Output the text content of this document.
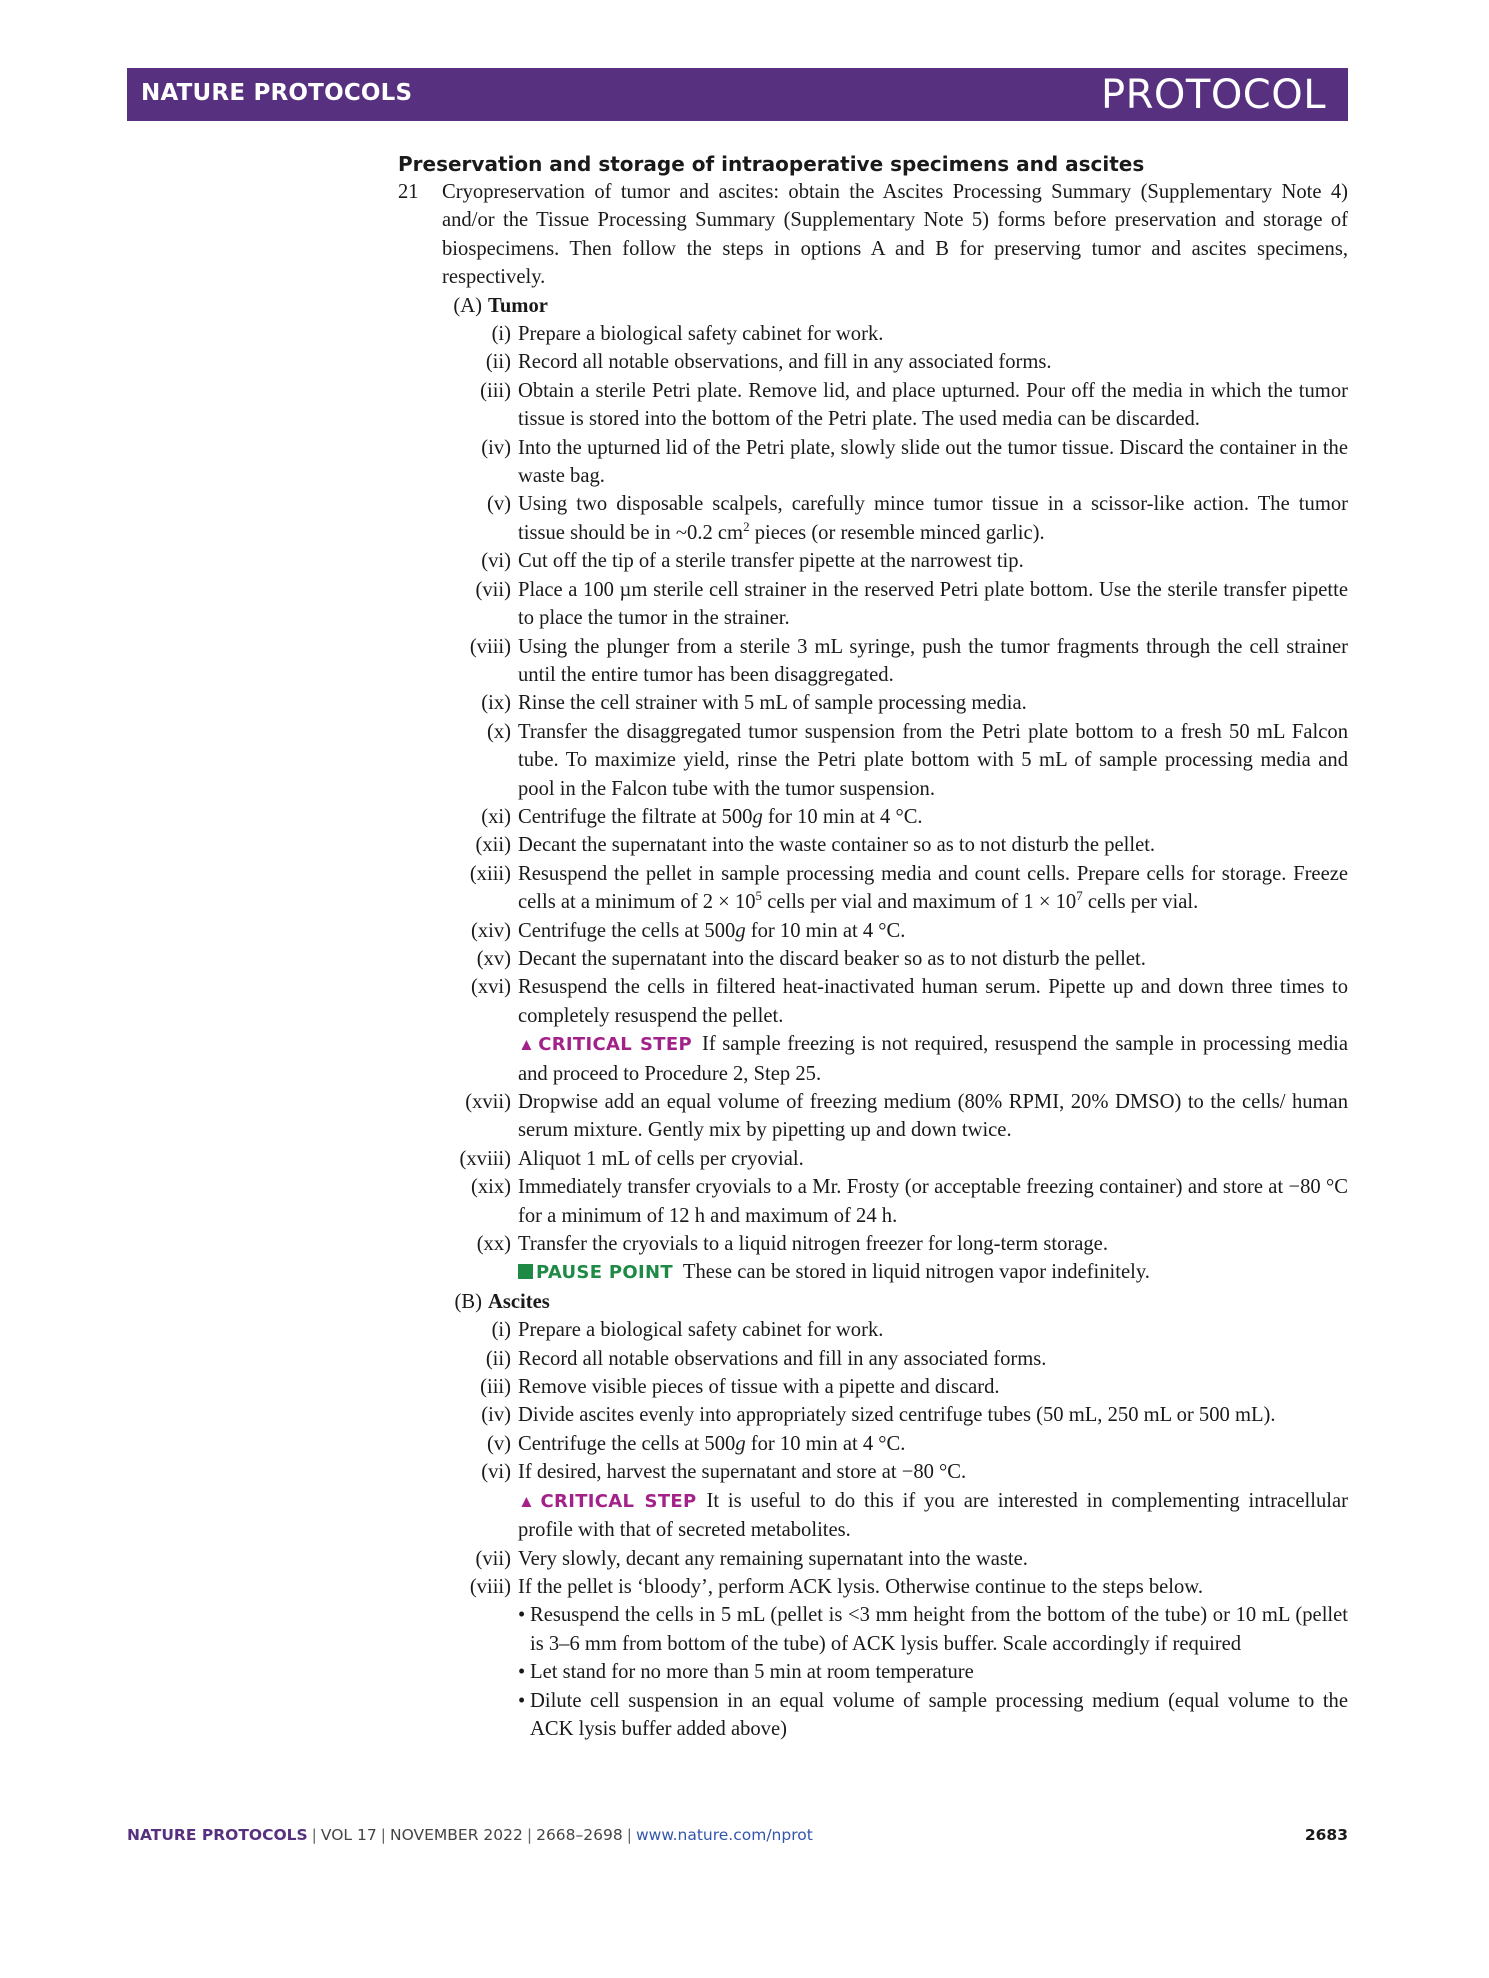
NATURE PROTOCOLS	PROTOCOL
Preservation and storage of intraoperative specimens and ascites
21	Cryopreservation of tumor and ascites: obtain the Ascites Processing Summary (Supplementary Note 4) and/or the Tissue Processing Summary (Supplementary Note 5) forms before preservation and storage of biospecimens. Then follow the steps in options A and B for preserving tumor and ascites specimens, respectively.
(A) Tumor
(i) Prepare a biological safety cabinet for work.
(ii) Record all notable observations, and fill in any associated forms.
(iii) Obtain a sterile Petri plate. Remove lid, and place upturned. Pour off the media in which the tumor tissue is stored into the bottom of the Petri plate. The used media can be discarded.
(iv) Into the upturned lid of the Petri plate, slowly slide out the tumor tissue. Discard the container in the waste bag.
(v) Using two disposable scalpels, carefully mince tumor tissue in a scissor-like action. The tumor tissue should be in ~0.2 $cm^2$ pieces (or resemble minced garlic).
(vi) Cut off the tip of a sterile transfer pipette at the narrowest tip.
(vii) Place a 100 µm sterile cell strainer in the reserved Petri plate bottom. Use the sterile transfer pipette to place the tumor in the strainer.
(viii) Using the plunger from a sterile 3 mL syringe, push the tumor fragments through the cell strainer until the entire tumor has been disaggregated.
(ix) Rinse the cell strainer with 5 mL of sample processing media.
(x) Transfer the disaggregated tumor suspension from the Petri plate bottom to a fresh 50 mL Falcon tube. To maximize yield, rinse the Petri plate bottom with 5 mL of sample processing media and pool in the Falcon tube with the tumor suspension.
(xi) Centrifuge the filtrate at 500g for 10 min at 4 °C.
(xii) Decant the supernatant into the waste container so as to not disturb the pellet.
(xiii) Resuspend the pellet in sample processing media and count cells. Prepare cells for storage. Freeze cells at a minimum of $2 \times 10^5$ cells per vial and maximum of $1 \times 10^7$ cells per vial.
(xiv) Centrifuge the cells at 500g for 10 min at 4 °C.
(xv) Decant the supernatant into the discard beaker so as to not disturb the pellet.
(xvi) Resuspend the cells in filtered heat-inactivated human serum. Pipette up and down three times to completely resuspend the pellet.
▲ CRITICAL STEP If sample freezing is not required, resuspend the sample in processing media and proceed to Procedure 2, Step 25.
(xvii) Dropwise add an equal volume of freezing medium (80% RPMI, 20% DMSO) to the cells/ human serum mixture. Gently mix by pipetting up and down twice.
(xviii) Aliquot 1 mL of cells per cryovial.
(xix) Immediately transfer cryovials to a Mr. Frosty (or acceptable freezing container) and store at −80 °C for a minimum of 12 h and maximum of 24 h.
(xx) Transfer the cryovials to a liquid nitrogen freezer for long-term storage.
PAUSE POINT These can be stored in liquid nitrogen vapor indefinitely.
(B) Ascites
(i) Prepare a biological safety cabinet for work.
(ii) Record all notable observations and fill in any associated forms.
(iii) Remove visible pieces of tissue with a pipette and discard.
(iv) Divide ascites evenly into appropriately sized centrifuge tubes (50 mL, 250 mL or 500 mL).
(v) Centrifuge the cells at 500g for 10 min at 4 °C.
(vi) If desired, harvest the supernatant and store at −80 °C.
▲ CRITICAL STEP It is useful to do this if you are interested in complementing intracellular profile with that of secreted metabolites.
(vii) Very slowly, decant any remaining supernatant into the waste.
(viii) If the pellet is ‘bloody’, perform ACK lysis. Otherwise continue to the steps below.
• Resuspend the cells in 5 mL (pellet is <3 mm height from the bottom of the tube) or 10 mL (pellet is 3–6 mm from bottom of the tube) of ACK lysis buffer. Scale accordingly if required
• Let stand for no more than 5 min at room temperature
• Dilute cell suspension in an equal volume of sample processing medium (equal volume to the ACK lysis buffer added above)
NATURE PROTOCOLS | VOL 17 | NOVEMBER 2022 | 2668–2698 | www.nature.com/nprot	2683
